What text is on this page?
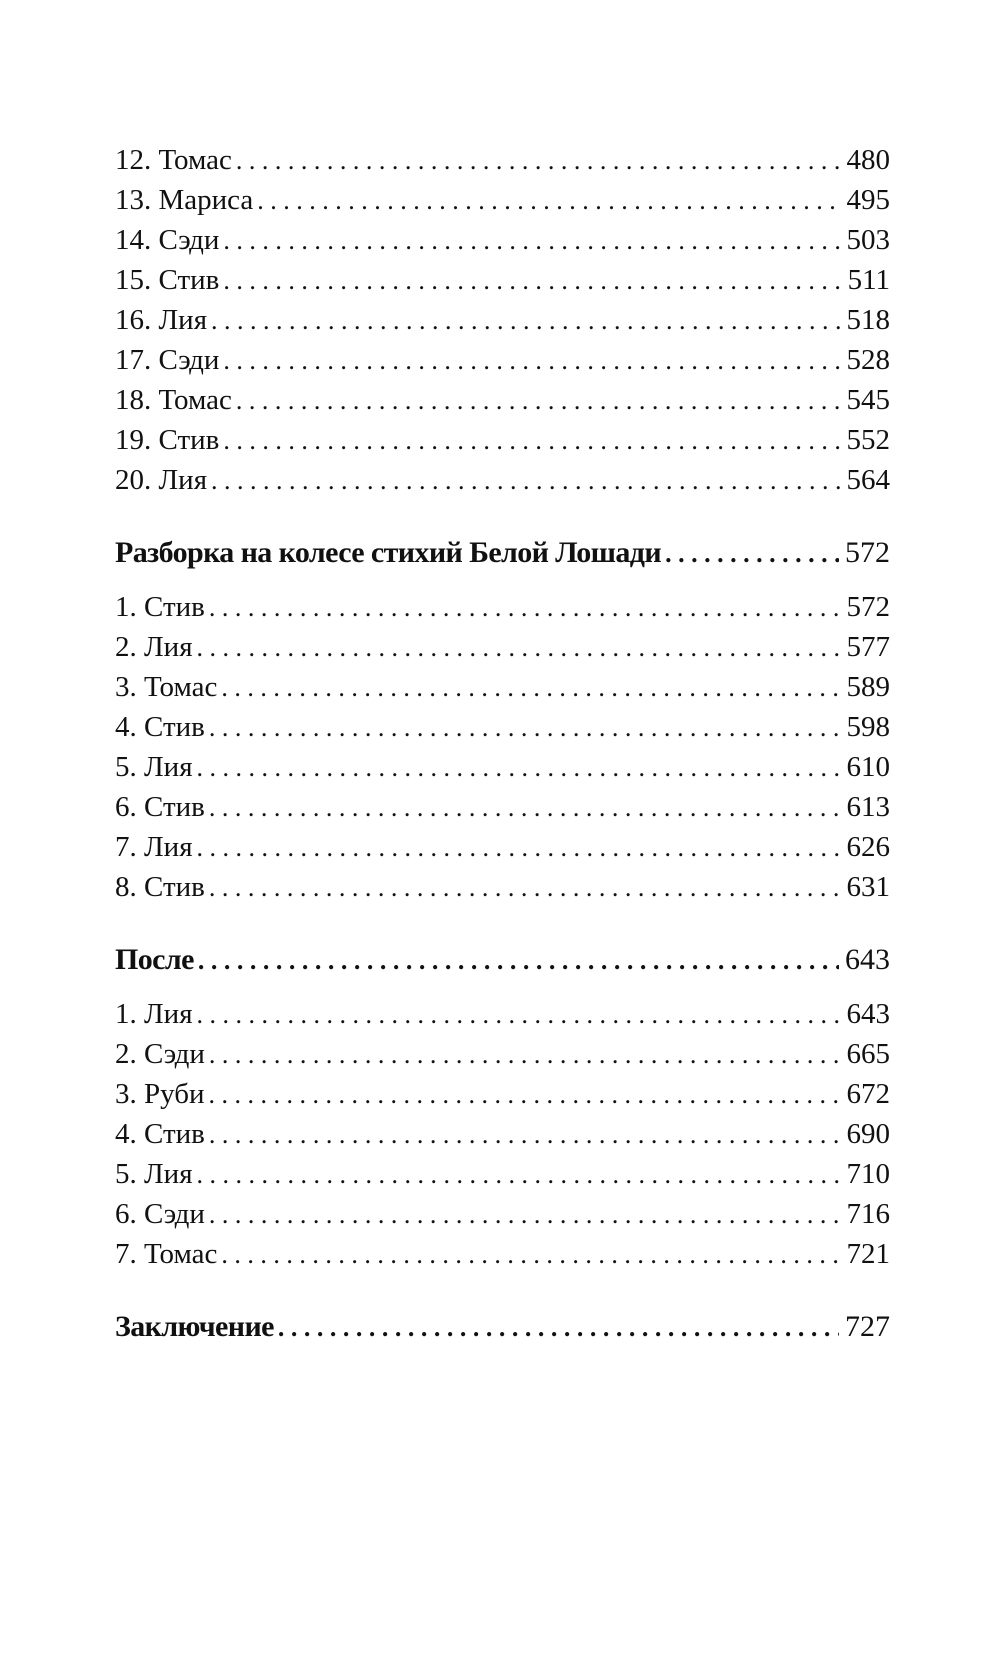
12. Томас . . .	480
13. Мариса . . .	495
14. Сэди . . .	503
15. Стив . . .	511
16. Лия . . .	518
17. Сэди . . .	528
18. Томас . . .	545
19. Стив . . .	552
20. Лия . . .	564
Разборка на колесе стихий Белой Лошади . . .	572
1. Стив . . .	572
2. Лия . . .	577
3. Томас . . .	589
4. Стив . . .	598
5. Лия . . .	610
6. Стив . . .	613
7. Лия . . .	626
8. Стив . . .	631
После . . .	643
1. Лия . . .	643
2. Сэди . . .	665
3. Руби . . .	672
4. Стив . . .	690
5. Лия . . .	710
6. Сэди . . .	716
7. Томас . . .	721
Заключение . . .	727
